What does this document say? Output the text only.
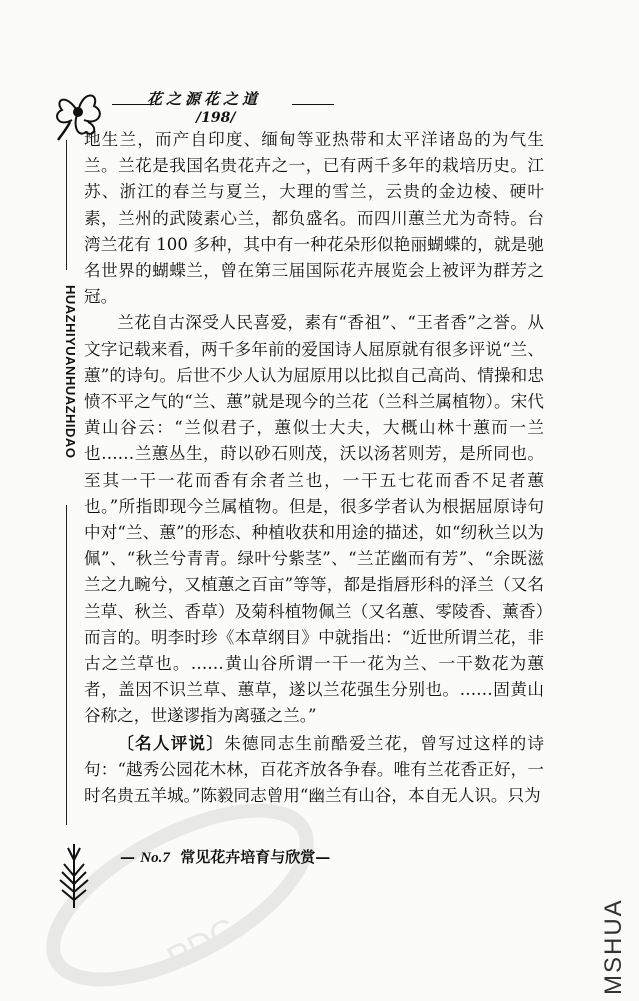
花之源花之道
/198/
HUAZHIYUANHUAZHIDAO

地生兰，而产自印度、缅甸等亚热带和太平洋诸岛的为气生兰。兰花是我国名贵花卉之一，已有两千多年的栽培历史。江苏、浙江的春兰与夏兰，大理的雪兰，云贵的金边棱、硬叶素，兰州的武陵素心兰，都负盛名。而四川蕙兰尤为奇特。台湾兰花有 100 多种，其中有一种花朵形似艳丽蝴蝶的，就是驰名世界的蝴蝶兰，曾在第三届国际花卉展览会上被评为群芳之冠。

兰花自古深受人民喜爱，素有“香祖”、“王者香”之誉。从文字记载来看，两千多年前的爱国诗人屈原就有很多评说“兰、蕙”的诗句。后世不少人认为屈原用以比拟自己高尚、情操和忠愤不平之气的“兰、蕙”就是现今的兰花（兰科兰属植物）。宋代黄山谷云：“兰似君子，蕙似士大夫，大概山林十蕙而一兰也……兰蕙丛生，莳以砂石则茂，沃以汤茗则芳，是所同也。至其一干一花而香有余者兰也，一干五七花而香不足者蕙也。”所指即现今兰属植物。但是，很多学者认为根据屈原诗句中对“兰、蕙”的形态、种植收获和用途的描述，如“纫秋兰以为佩”、“秋兰兮青青。绿叶兮紫茎”、“兰芷幽而有芳”、“余既滋兰之九畹兮，又植蕙之百亩”等等，都是指唇形科的泽兰（又名兰草、秋兰、香草）及菊科植物佩兰（又名蕙、零陵香、薰香）而言的。明李时珍《本草纲目》中就指出：“近世所谓兰花，非古之兰草也。……黄山谷所谓一干一花为兰、一干数花为蕙者，盖因不识兰草、蕙草，遂以兰花强生分别也。……固黄山谷称之，世遂谬指为离骚之兰。”

〔名人评说〕朱德同志生前酷爱兰花，曾写过这样的诗句：“越秀公园花木林，百花齐放各争春。唯有兰花香正好，一时名贵五羊城。”陈毅同志曾用“幽兰有山谷，本自无人识。只为

PDG
— No.7 常见花卉培育与欣赏—
MSHUA
